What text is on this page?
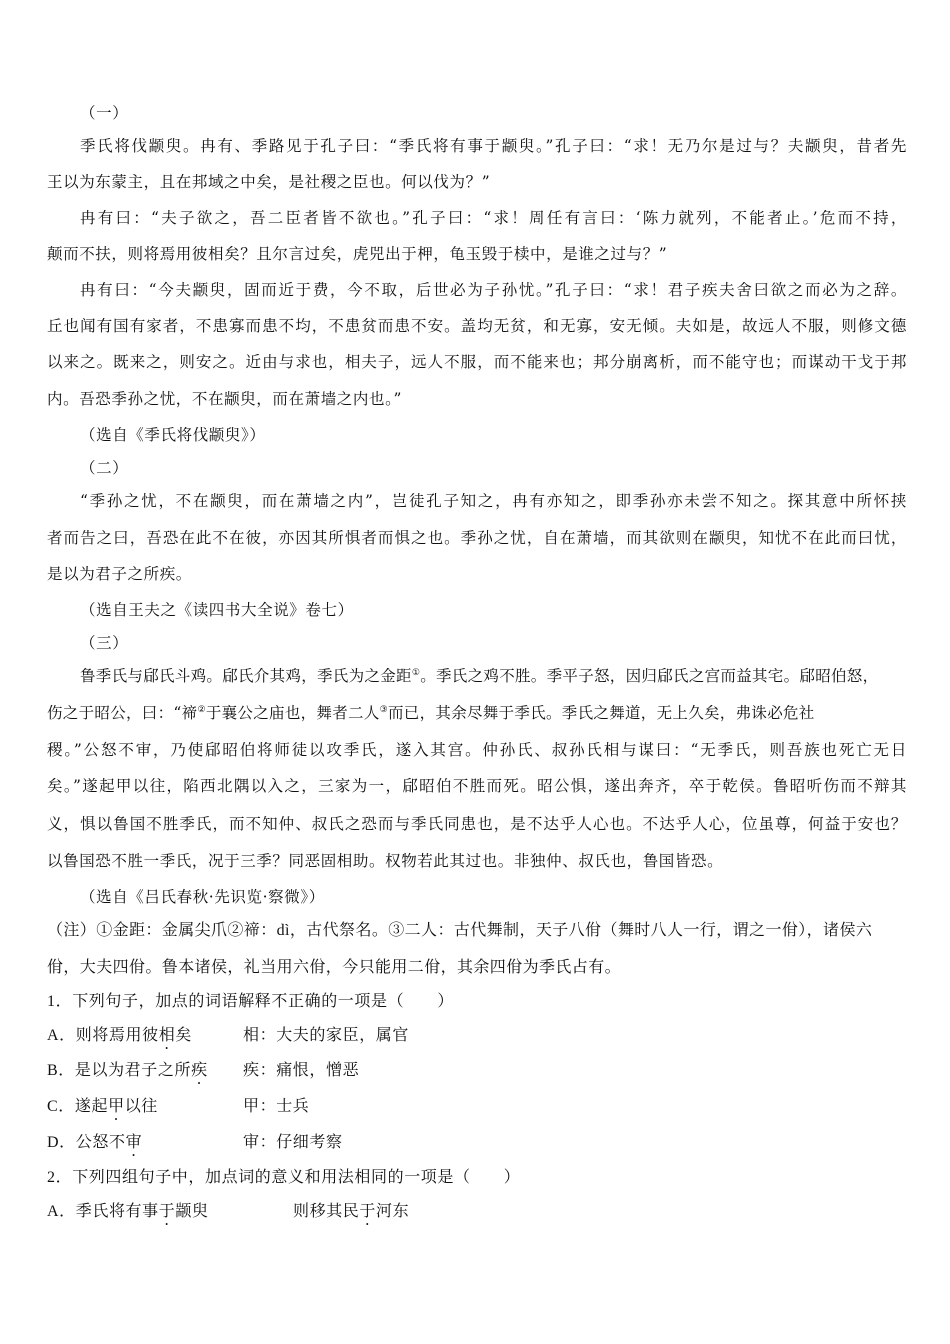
（一）
季氏将伐颛臾。冉有、季路见于孔子曰：“季氏将有事于颛臾。”孔子曰：“求！无乃尔是过与？夫颛臾，昔者先
王以为东蒙主，且在邦域之中矣，是社稷之臣也。何以伐为？”
冉有曰：“夫子欲之，吾二臣者皆不欲也。”孔子曰：“求！周任有言曰：‘陈力就列，不能者止。’危而不持，
颠而不扶，则将焉用彼相矣？且尔言过矣，虎兕出于柙，龟玉毁于椟中，是谁之过与？”
冉有曰：“今夫颛臾，固而近于费，今不取，后世必为子孙忧。”孔子曰：“求！君子疾夫舍曰欲之而必为之辞。
丘也闻有国有家者，不患寡而患不均，不患贫而患不安。盖均无贫，和无寡，安无倾。夫如是，故远人不服，则修文德
以来之。既来之，则安之。近由与求也，相夫子，远人不服，而不能来也；邦分崩离析，而不能守也；而谋动干戈于邦
内。吾恐季孙之忧，不在颛臾，而在萧墙之内也。”
（选自《季氏将伐颛臾》）
（二）
“季孙之忧，不在颛臾，而在萧墙之内”，岂徒孔子知之，冉有亦知之，即季孙亦未尝不知之。探其意中所怀挟
者而告之曰，吾恐在此不在彼，亦因其所惧者而惧之也。季孙之忧，自在萧墙，而其欲则在颛臾，知忧不在此而曰忧，
是以为君子之所疾。
（选自王夫之《读四书大全说》卷七）
（三）
鲁季氏与郈氏斗鸡。郈氏介其鸡，季氏为之金距①。季氏之鸡不胜。季平子怒，因归郈氏之宫而益其宅。郈昭伯怒，
伤之于昭公，曰：“禘②于襄公之庙也，舞者二人③而已，其余尽舞于季氏。季氏之舞道，无上久矣，弗诛必危社
稷。”公怒不审，乃使郈昭伯将师徒以攻季氏，遂入其宫。仲孙氏、叔孙氏相与谋曰：“无季氏，则吾族也死亡无日
矣。”遂起甲以往，陷西北隅以入之，三家为一，郈昭伯不胜而死。昭公惧，遂出奔齐，卒于乾侯。鲁昭听伤而不辩其
义，惧以鲁国不胜季氏，而不知仲、叔氏之恐而与季氏同患也，是不达乎人心也。不达乎人心，位虽尊，何益于安也？
以鲁国恐不胜一季氏，况于三季？同恶固相助。权物若此其过也。非独仲、叔氏也，鲁国皆恐。
（选自《吕氏春秋·先识览·察微》）
（注）①金距：金属尖爪②禘：dì，古代祭名。③二人：古代舞制，天子八佾（舞时八人一行，谓之一佾），诸侯六
佾，大夫四佾。鲁本诸侯，礼当用六佾，今只能用二佾，其余四佾为季氏占有。
1．下列句子，加点的词语解释不正确的一项是（　　）
A．则将焉用彼相矣	相：大夫的家臣，属官
B．是以为君子之所疾 疾：痛恨，憎恶
C．遂起甲以往	甲：士兵
D．公怒不审	审：仔细考察
2．下列四组句子中，加点词的意义和用法相同的一项是（　　）
A．季氏将有事于颛臾	则移其民于河东
